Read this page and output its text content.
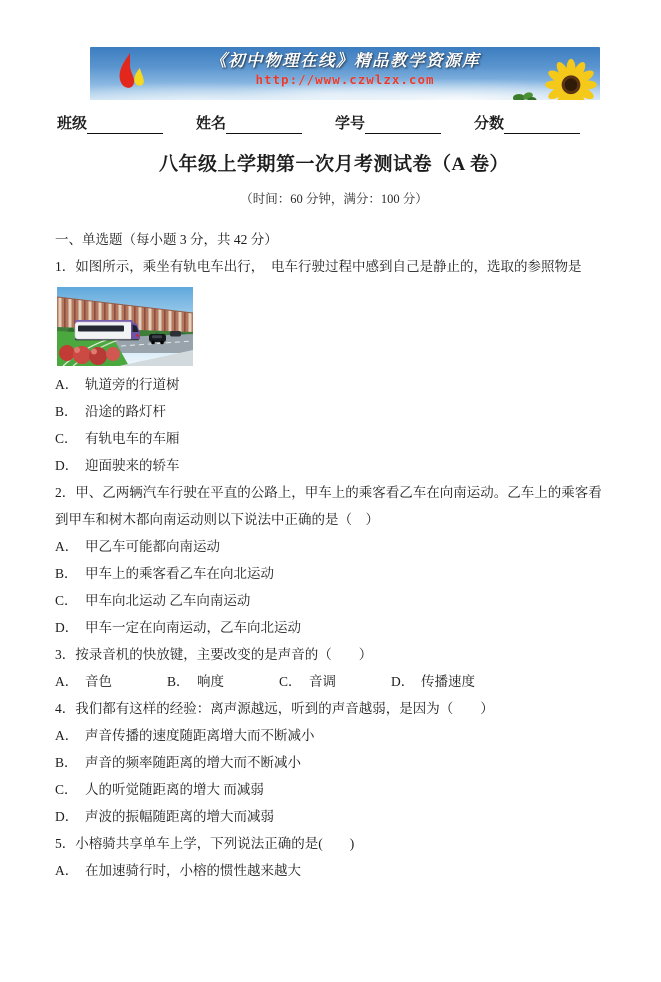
《初中物理在线》精品教学资源库
http://www.czwlzx.com
班级	姓名	学号	分数
八年级上学期第一次月考测试卷（A 卷）
（时间：60 分钟，满分：100 分）
一、单选题（每小题 3 分，共 42 分）
1．如图所示，乘坐有轨电车出行，　电车行驶过程中感到自己是静止的，选取的参照物是
A． 轨道旁的行道树
B． 沿途的路灯杆
C． 有轨电车的车厢
D． 迎面驶来的轿车
2．甲、乙两辆汽车行驶在平直的公路上，甲车上的乘客看乙车在向南运动。乙车上的乘客看到甲车和树木都向南运动则以下说法中正确的是（　）
A． 甲乙车可能都向南运动
B． 甲车上的乘客看乙车在向北运动
C． 甲车向北运动 乙车向南运动
D． 甲车一定在向南运动，乙车向北运动
3．按录音机的快放键，主要改变的是声音的（　　）
A． 音色	B． 响度	C． 音调	D． 传播速度
4．我们都有这样的经验：离声源越远，听到的声音越弱，是因为（　　）
A． 声音传播的速度随距离增大而不断减小
B． 声音的频率随距离的增大而不断减小
C． 人的听觉随距离的增大 而减弱
D． 声波的振幅随距离的增大而减弱
5．小榕骑共享单车上学，下列说法正确的是(　　)
A． 在加速骑行时，小榕的惯性越来越大
